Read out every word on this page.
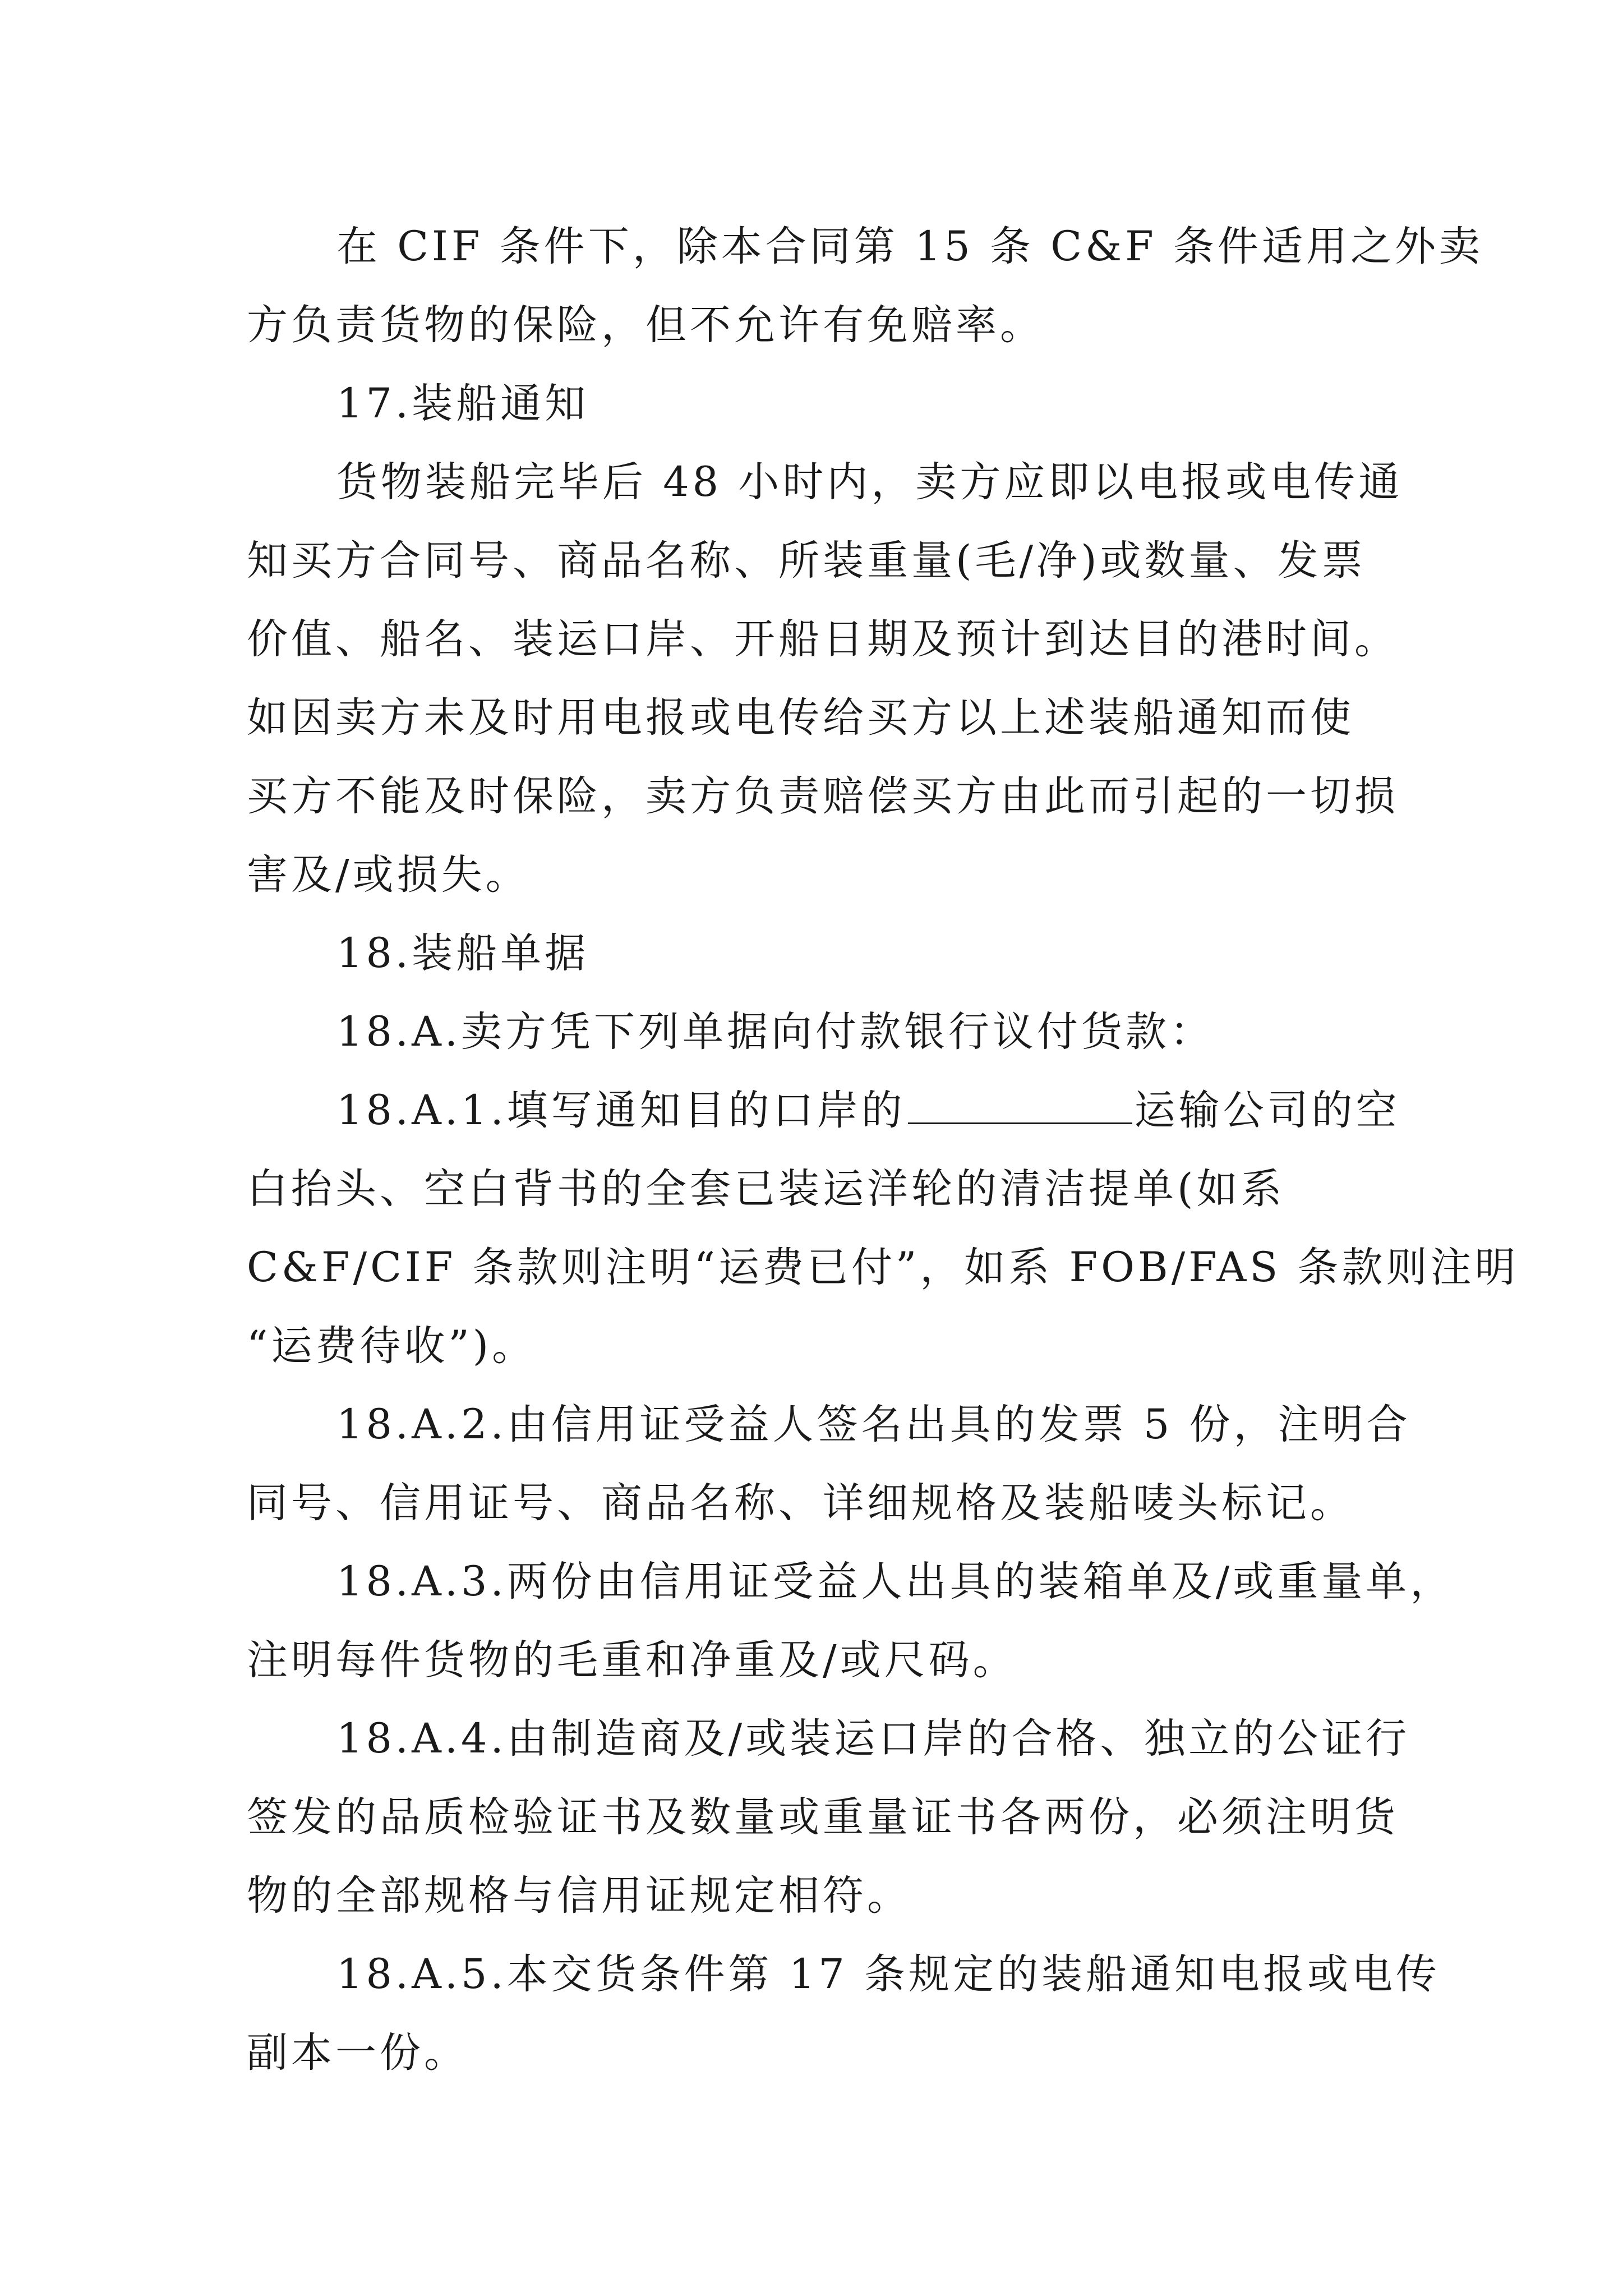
在 CIF 条件下，除本合同第 15 条 C&F 条件适用之外卖
方负责货物的保险，但不允许有免赔率。
17.装船通知
货物装船完毕后 48 小时内，卖方应即以电报或电传通
知买方合同号、商品名称、所装重量(毛/净)或数量、发票
价值、船名、装运口岸、开船日期及预计到达目的港时间。
如因卖方未及时用电报或电传给买方以上述装船通知而使
买方不能及时保险，卖方负责赔偿买方由此而引起的一切损
害及/或损失。
18.装船单据
18.A.卖方凭下列单据向付款银行议付货款：
18.A.1.填写通知目的口岸的	运输公司的空
白抬头、空白背书的全套已装运洋轮的清洁提单(如系
C&F/CIF 条款则注明“运费已付”，如系 FOB/FAS 条款则注明
“运费待收”)。
18.A.2.由信用证受益人签名出具的发票 5 份，注明合
同号、信用证号、商品名称、详细规格及装船唛头标记。
18.A.3.两份由信用证受益人出具的装箱单及/或重量单，
注明每件货物的毛重和净重及/或尺码。
18.A.4.由制造商及/或装运口岸的合格、独立的公证行
签发的品质检验证书及数量或重量证书各两份，必须注明货
物的全部规格与信用证规定相符。
18.A.5.本交货条件第 17 条规定的装船通知电报或电传
副本一份。
